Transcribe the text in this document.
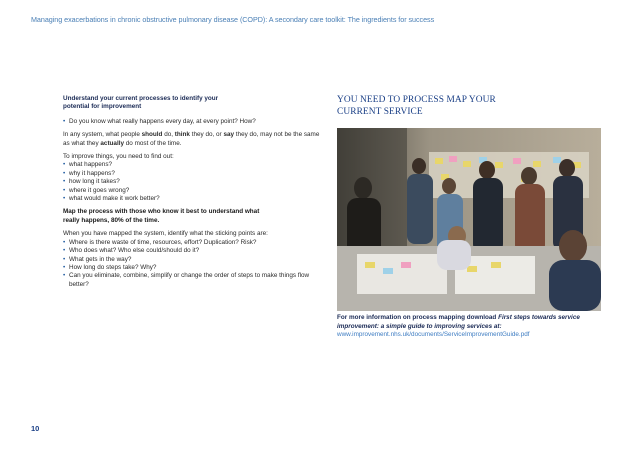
Managing exacerbations in chronic obstructive pulmonary disease (COPD): A secondary care toolkit: The ingredients for success

Understand your current processes to identify your
potential for improvement

• Do you know what really happens every day, at every point? How?

In any system, what people should do, think they do, or say they do, may not be the same as what they actually do most of the time.

To improve things, you need to find out:

• what happens?
• why it happens?
• how long it takes?
• where it goes wrong?
• what would make it work better?

Map the process with those who know it best to understand what
really happens, 80% of the time.

When you have mapped the system, identify what the sticking points are:

• Where is there waste of time, resources, effort? Duplication? Risk?
• Who does what? Who else could/should do it?
• What gets in the way?
• How long do steps take? Why?
• Can you eliminate, combine, simplify or change the order of steps to make things flow better?
YOU NEED TO PROCESS MAP YOUR
CURRENT SERVICE
For more information on process mapping download First steps towards service improvement: a simple guide to improving services at:
www.improvement.nhs.uk/documents/ServiceImprovementGuide.pdf
10
